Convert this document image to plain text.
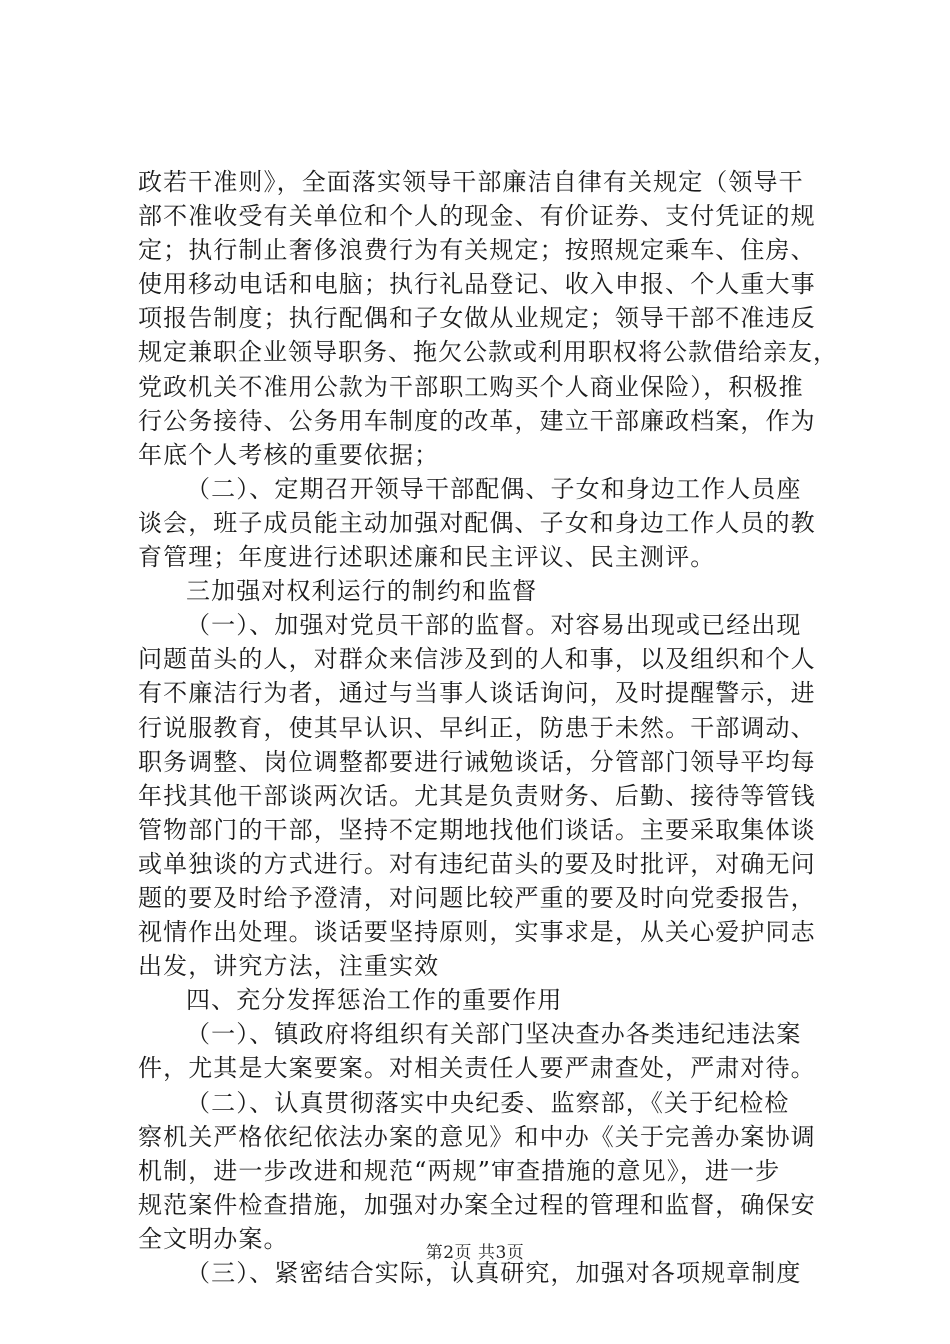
政若干准则》，全面落实领导干部廉洁自律有关规定（领导干
部不准收受有关单位和个人的现金、有价证券、支付凭证的规
定；执行制止奢侈浪费行为有关规定；按照规定乘车、住房、
使用移动电话和电脑；执行礼品登记、收入申报、个人重大事
项报告制度；执行配偶和子女做从业规定；领导干部不准违反
规定兼职企业领导职务、拖欠公款或利用职权将公款借给亲友，
党政机关不准用公款为干部职工购买个人商业保险），积极推
行公务接待、公务用车制度的改革，建立干部廉政档案，作为
年底个人考核的重要依据；
（二）、定期召开领导干部配偶、子女和身边工作人员座
谈会，班子成员能主动加强对配偶、子女和身边工作人员的教
育管理；年度进行述职述廉和民主评议、民主测评。
三加强对权利运行的制约和监督
（一）、加强对党员干部的监督。对容易出现或已经出现
问题苗头的人，对群众来信涉及到的人和事，以及组织和个人
有不廉洁行为者，通过与当事人谈话询问，及时提醒警示，进
行说服教育，使其早认识、早纠正，防患于未然。干部调动、
职务调整、岗位调整都要进行诫勉谈话，分管部门领导平均每
年找其他干部谈两次话。尤其是负责财务、后勤、接待等管钱
管物部门的干部，坚持不定期地找他们谈话。主要采取集体谈
或单独谈的方式进行。对有违纪苗头的要及时批评，对确无问
题的要及时给予澄清，对问题比较严重的要及时向党委报告，
视情作出处理。谈话要坚持原则，实事求是，从关心爱护同志
出发，讲究方法，注重实效
四、充分发挥惩治工作的重要作用
（一）、镇政府将组织有关部门坚决查办各类违纪违法案
件，尤其是大案要案。对相关责任人要严肃查处，严肃对待。
（二）、认真贯彻落实中央纪委、监察部，《关于纪检检
察机关严格依纪依法办案的意见》和中办《关于完善办案协调
机制，进一步改进和规范“两规”审查措施的意见》，进一步
规范案件检查措施，加强对办案全过程的管理和监督，确保安
全文明办案。
（三）、紧密结合实际，认真研究，加强对各项规章制度
第2页 共3页
